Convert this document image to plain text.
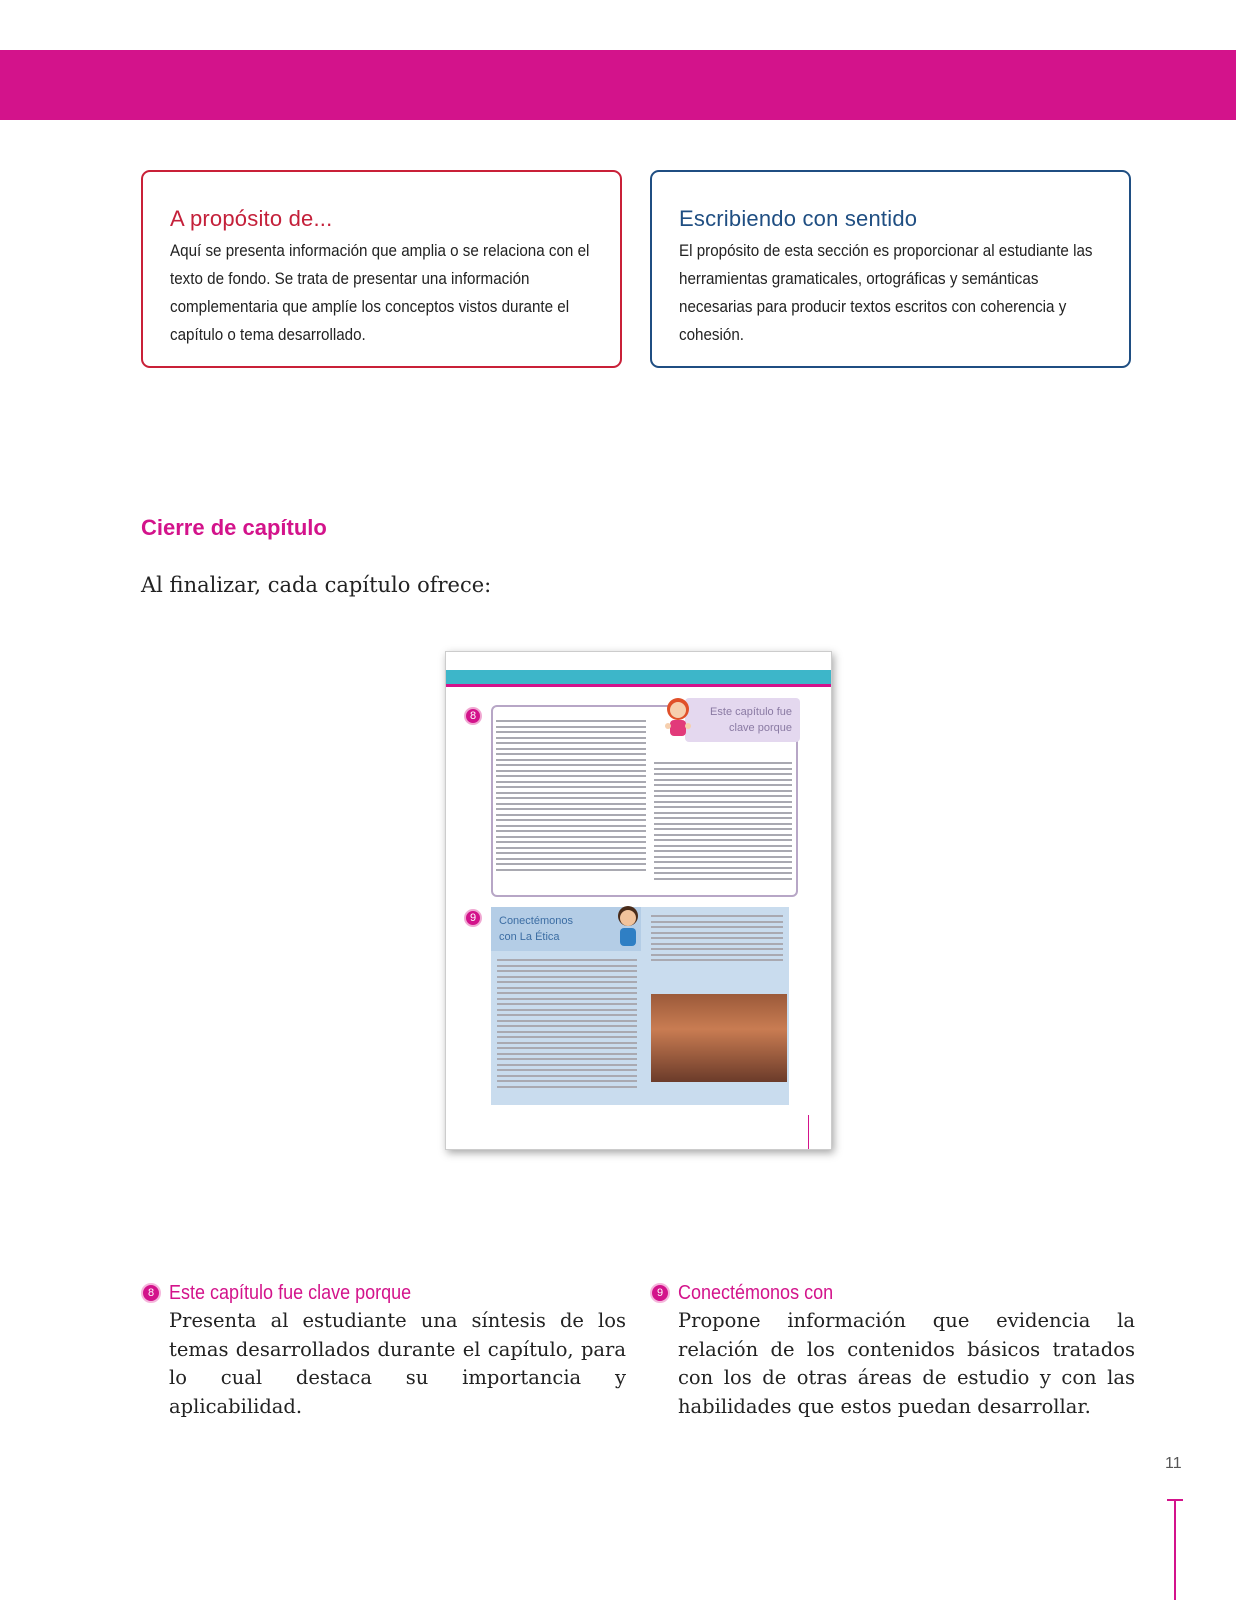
A propósito de...

Aquí se presenta información que amplia o se relaciona con el texto de fondo. Se trata de presentar una información complementaria que amplíe los conceptos vistos durante el capítulo o tema desarrollado.

Escribiendo con sentido

El propósito de esta sección es proporcionar al estudiante las herramientas gramaticales, ortográficas y semánticas necesarias para producir textos escritos con coherencia y cohesión.

Cierre de capítulo

Al finalizar, cada capítulo ofrece:

Este capítulo fue clave porque
8
Conectémonos con La Ética
9
8 Este capítulo fue clave porque

Presenta al estudiante una síntesis de los temas desarrollados durante el capítulo, para lo cual destaca su importancia y aplicabilidad.

9 Conectémonos con

Propone información que evidencia la relación de los contenidos básicos tratados con los de otras áreas de estudio y con las habilidades que estos puedan desarrollar.

11
